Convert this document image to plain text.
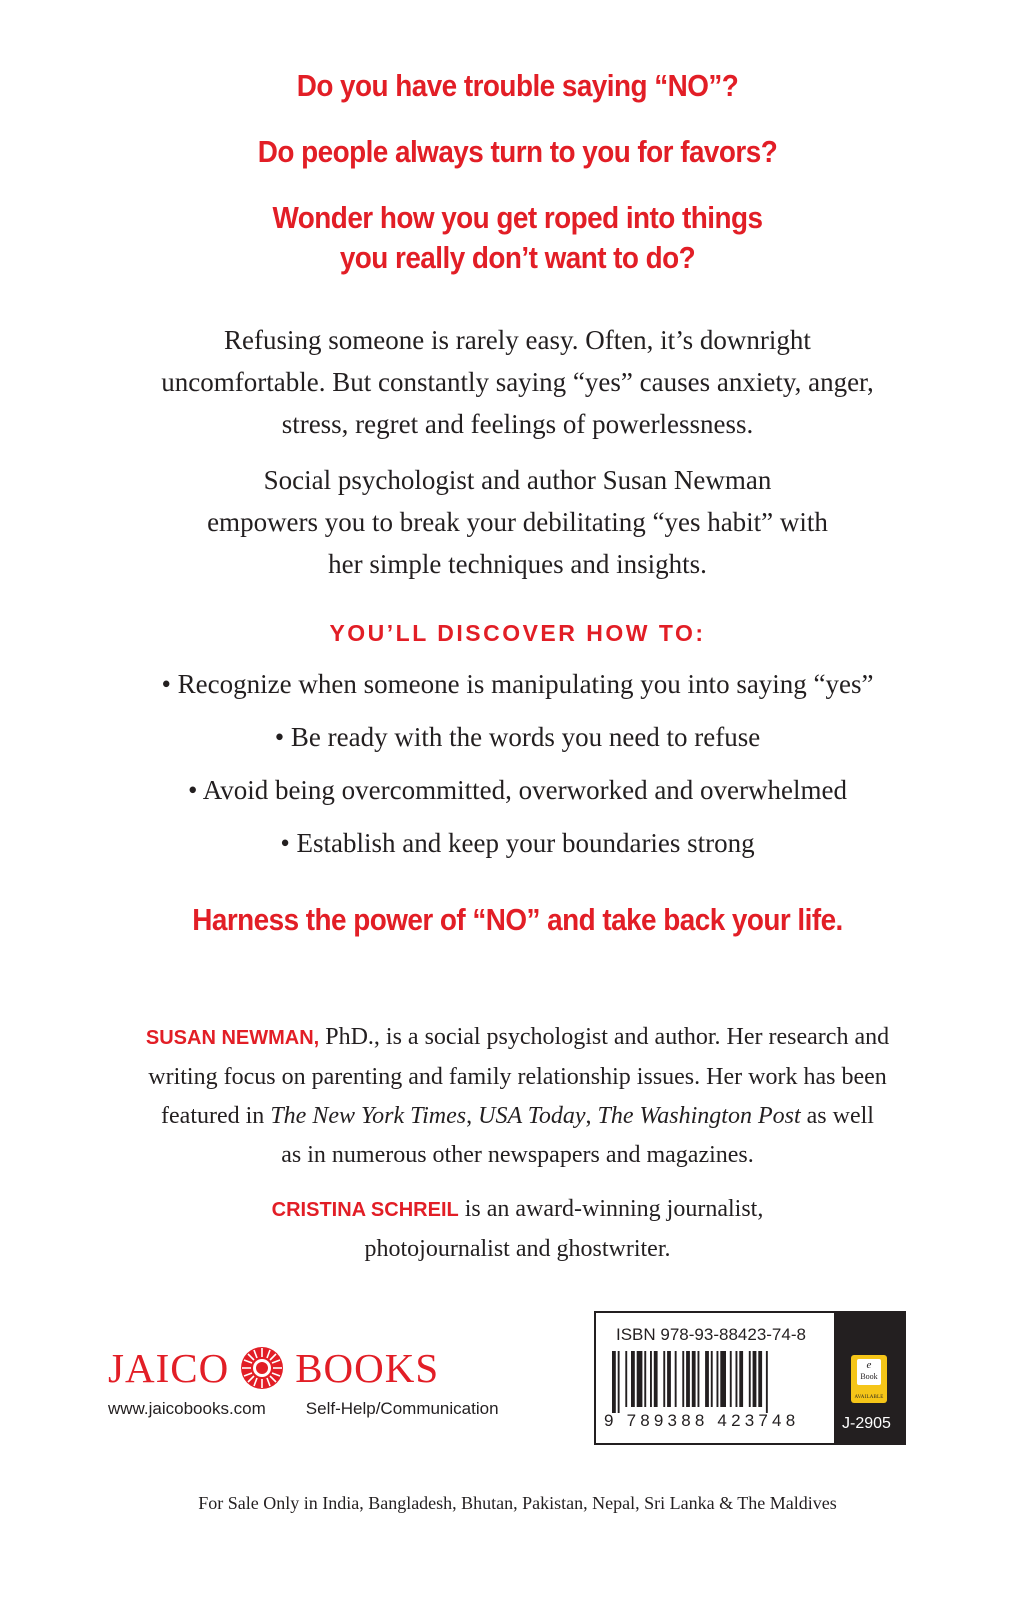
Do you have trouble saying “NO”?
Do people always turn to you for favors?
Wonder how you get roped into things
you really don’t want to do?
Refusing someone is rarely easy. Often, it’s downright
uncomfortable. But constantly saying “yes” causes anxiety, anger,
stress, regret and feelings of powerlessness.
Social psychologist and author Susan Newman
empowers you to break your debilitating “yes habit” with
her simple techniques and insights.
YOU’LL DISCOVER HOW TO:
• Recognize when someone is manipulating you into saying “yes”
• Be ready with the words you need to refuse
• Avoid being overcommitted, overworked and overwhelmed
• Establish and keep your boundaries strong
Harness the power of “NO” and take back your life.
SUSAN NEWMAN, PhD., is a social psychologist and author. Her research and
writing focus on parenting and family relationship issues. Her work has been
featured in The New York Times, USA Today, The Washington Post as well
as in numerous other newspapers and magazines.
CRISTINA SCHREIL is an award-winning journalist,
photojournalist and ghostwriter.
JAICO BOOKS
www.jaicobooks.com Self-Help/Communication
ISBN 978-93-88423-74-8
9 789388 423748
e
Book
AVAILABLE
J-2905
For Sale Only in India, Bangladesh, Bhutan, Pakistan, Nepal, Sri Lanka & The Maldives
